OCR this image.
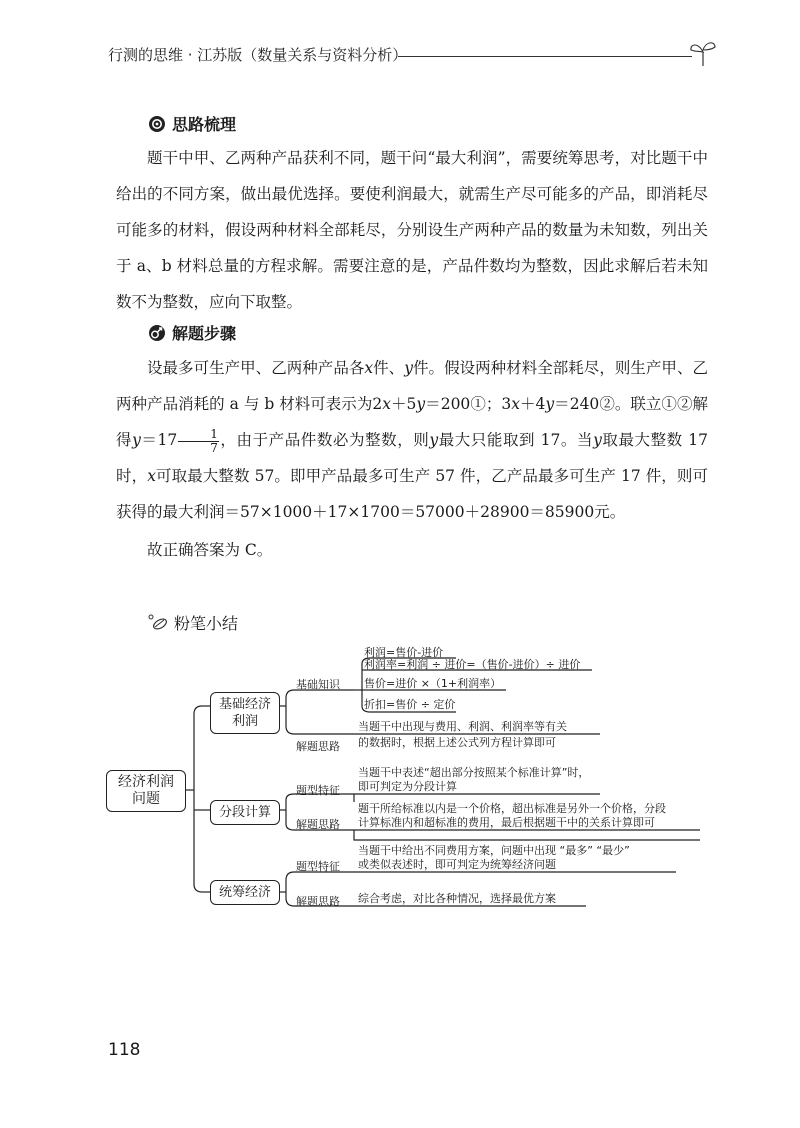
行测的思维 · 江苏版（数量关系与资料分析）
思路梳理

题干中甲、乙两种产品获利不同，题干问“最大利润”，需要统筹思考，对比题干中给出的不同方案，做出最优选择。要使利润最大，就需生产尽可能多的产品，即消耗尽可能多的材料，假设两种材料全部耗尽，分别设生产两种产品的数量为未知数，列出关于 a、b 材料总量的方程求解。需要注意的是，产品件数均为整数，因此求解后若未知数不为整数，应向下取整。

解题步骤

设最多可生产甲、乙两种产品各x件、y件。假设两种材料全部耗尽，则生产甲、乙两种产品消耗的 a 与 b 材料可表示为2x＋5y＝200①；3x＋4y＝240②。联立①②解得$y=17 \frac{1}{7}$ ，由于产品件数必为整数，则y最大只能取到 17。当y取最大整数 17 时，x可取最大整数 57。即甲产品最多可生产 57 件，乙产品最多可生产 17 件，则可获得的最大利润＝57×1000＋17×1700＝57000＋28900＝85900元。

故正确答案为 C。

粉笔小结
经济利润问题
基础经济利润
分段计算
统筹经济
基础知识
利润=售价-进价
利润率=利润 ÷ 进价=（售价-进价）÷ 进价
售价=进价 ×（1+利润率）
折扣=售价 ÷ 定价
解题思路
当题干中出现与费用、利润、利润率等有关
的数据时，根据上述公式列方程计算即可
题型特征
当题干中表述“超出部分按照某个标准计算”时，
即可判定为分段计算
解题思路
题干所给标准以内是一个价格，超出标准是另外一个价格，分段
计算标准内和超标准的费用，最后根据题干中的关系计算即可
题型特征
当题干中给出不同费用方案，问题中出现 “最多” “最少”
或类似表述时，即可判定为统筹经济问题
解题思路 综合考虑，对比各种情况，选择最优方案
118
